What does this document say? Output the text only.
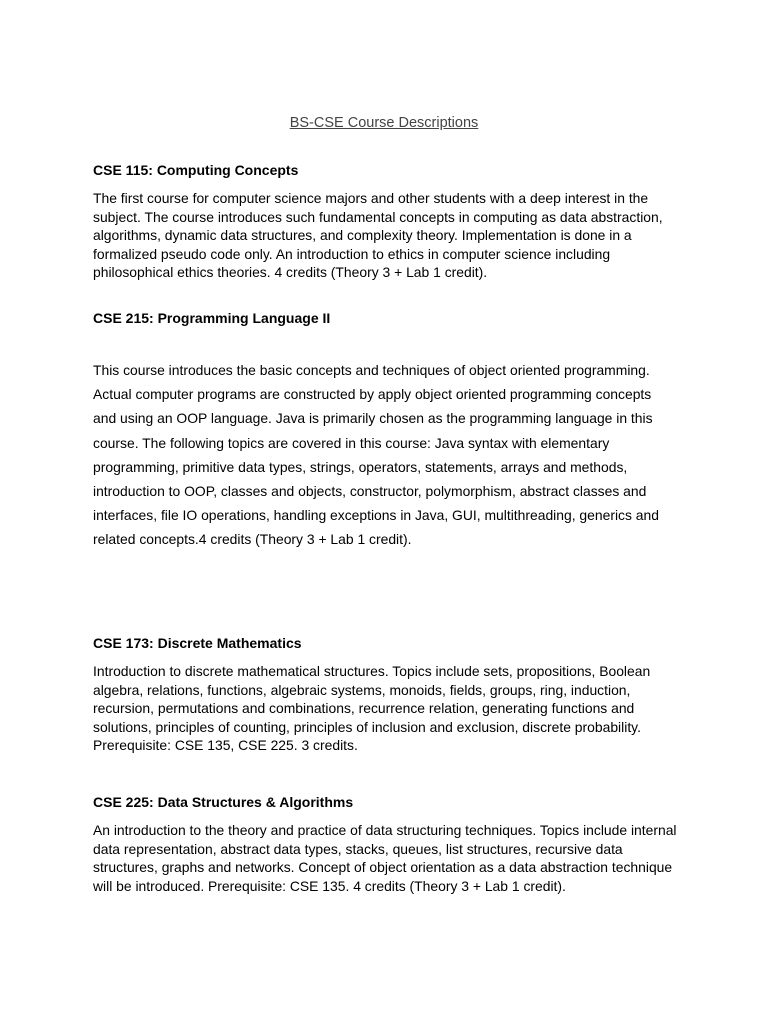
BS-CSE Course Descriptions
CSE 115: Computing Concepts

The first course for computer science majors and other students with a deep interest in the subject. The course introduces such fundamental concepts in computing as data abstraction, algorithms, dynamic data structures, and complexity theory. Implementation is done in a formalized pseudo code only. An introduction to ethics in computer science including philosophical ethics theories. 4 credits (Theory 3 + Lab 1 credit).

CSE 215: Programming Language II

This course introduces the basic concepts and techniques of object oriented programming. Actual computer programs are constructed by apply object oriented programming concepts and using an OOP language. Java is primarily chosen as the programming language in this course. The following topics are covered in this course: Java syntax with elementary programming, primitive data types, strings, operators, statements, arrays and methods, introduction to OOP, classes and objects, constructor, polymorphism, abstract classes and interfaces, file IO operations, handling exceptions in Java, GUI, multithreading, generics and related concepts.4 credits (Theory 3 + Lab 1 credit).

CSE 173: Discrete Mathematics

Introduction to discrete mathematical structures. Topics include sets, propositions, Boolean algebra, relations, functions, algebraic systems, monoids, fields, groups, ring, induction, recursion, permutations and combinations, recurrence relation, generating functions and solutions, principles of counting, principles of inclusion and exclusion, discrete probability. Prerequisite: CSE 135, CSE 225. 3 credits.

CSE 225: Data Structures & Algorithms

An introduction to the theory and practice of data structuring techniques. Topics include internal data representation, abstract data types, stacks, queues, list structures, recursive data structures, graphs and networks. Concept of object orientation as a data abstraction technique will be introduced. Prerequisite: CSE 135. 4 credits (Theory 3 + Lab 1 credit).
